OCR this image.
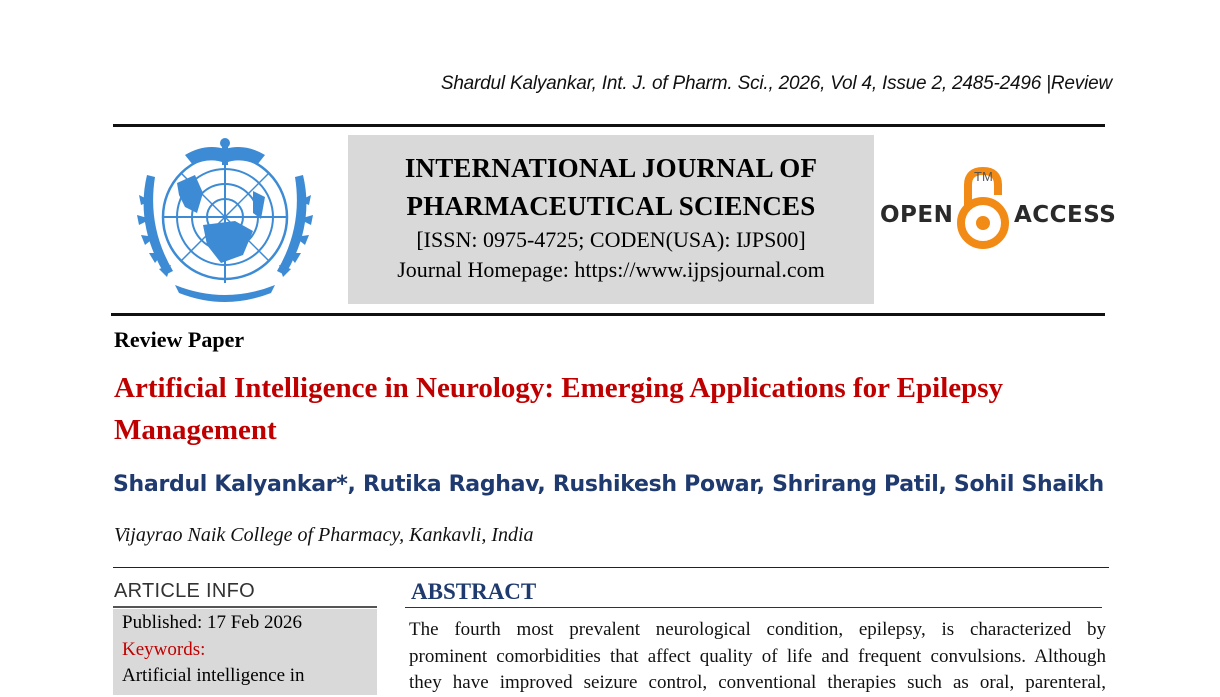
Shardul Kalyankar, Int. J. of Pharm. Sci., 2026, Vol 4, Issue 2, 2485-2496 |Review
INTERNATIONAL JOURNAL OF
PHARMACEUTICAL SCIENCES
[ISSN: 0975-4725; CODEN(USA): IJPS00]
Journal Homepage: https://www.ijpsjournal.com
OPEN
TM
ACCESS
Review Paper
Artificial Intelligence in Neurology: Emerging Applications for Epilepsy Management
Shardul Kalyankar*, Rutika Raghav, Rushikesh Powar, Shrirang Patil, Sohil Shaikh
Vijayrao Naik College of Pharmacy, Kankavli, India
ARTICLE INFO
Published: 17 Feb 2026
Keywords:
Artificial intelligence in
ABSTRACT
The fourth most prevalent neurological condition, epilepsy, is characterized by
prominent comorbidities that affect quality of life and frequent convulsions. Although
they have improved seizure control, conventional therapies such as oral, parenteral,
